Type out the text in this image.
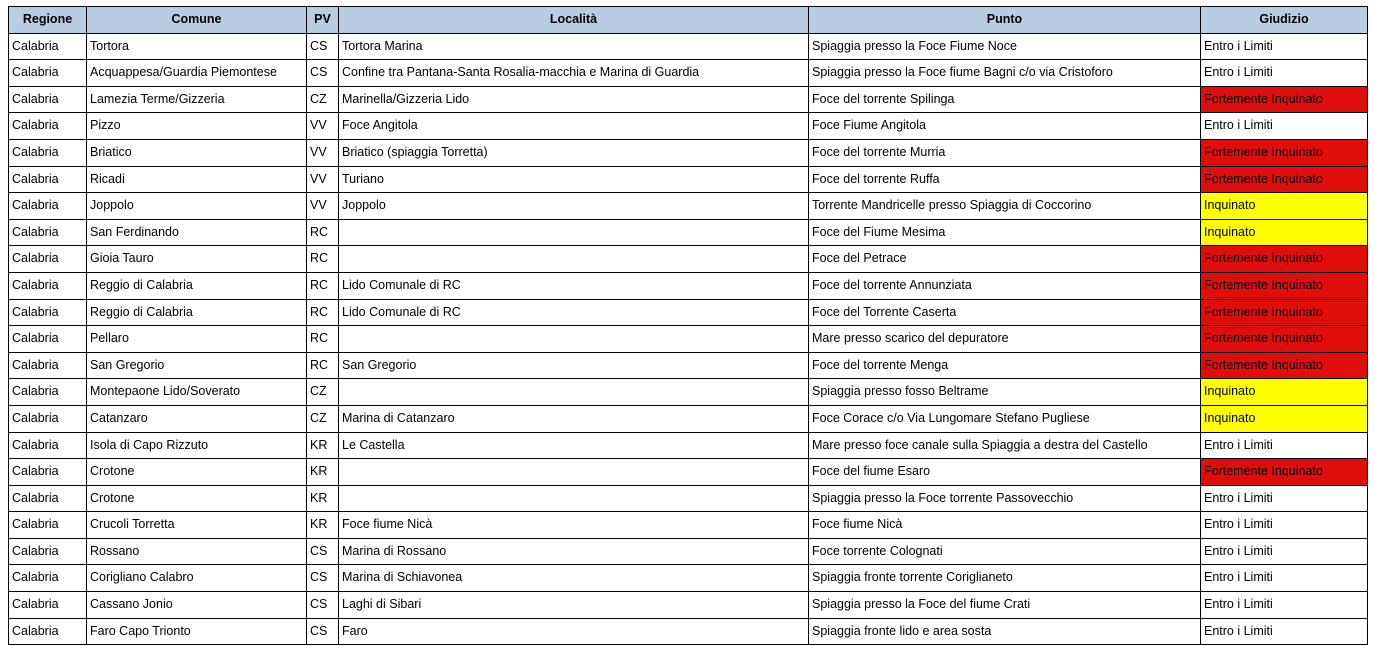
Regione	Comune	PV	Località	Punto	Giudizio
Calabria	Tortora	CS	Tortora Marina	Spiaggia presso la Foce Fiume Noce	Entro i Limiti
Calabria	Acquappesa/Guardia Piemontese	CS	Confine tra Pantana-Santa Rosalia-macchia e Marina di Guardia	Spiaggia presso la Foce fiume Bagni c/o via Cristoforo	Entro i Limiti
Calabria	Lamezia Terme/Gizzeria	CZ	Marinella/Gizzeria Lido	Foce del torrente Spilinga	Fortemente Inquinato
Calabria	Pizzo	VV	Foce Angitola	Foce Fiume Angitola	Entro i Limiti
Calabria	Briatico	VV	Briatico (spiaggia Torretta)	Foce del torrente Murria	Fortemente Inquinato
Calabria	Ricadi	VV	Turiano	Foce del torrente Ruffa	Fortemente Inquinato
Calabria	Joppolo	VV	Joppolo	Torrente Mandricelle presso Spiaggia di Coccorino	Inquinato
Calabria	San Ferdinando	RC		Foce del Fiume Mesima	Inquinato
Calabria	Gioia Tauro	RC		Foce del Petrace	Fortemente Inquinato
Calabria	Reggio di Calabria	RC	Lido Comunale di RC	Foce del torrente Annunziata	Fortemente Inquinato
Calabria	Reggio di Calabria	RC	Lido Comunale di RC	Foce del Torrente Caserta	Fortemente Inquinato
Calabria	Pellaro	RC		Mare presso scarico del depuratore	Fortemente Inquinato
Calabria	San Gregorio	RC	San Gregorio	Foce del torrente Menga	Fortemente Inquinato
Calabria	Montepaone Lido/Soverato	CZ		Spiaggia presso fosso Beltrame	Inquinato
Calabria	Catanzaro	CZ	Marina di Catanzaro	Foce Corace c/o Via Lungomare Stefano Pugliese	Inquinato
Calabria	Isola di Capo Rizzuto	KR	Le Castella	Mare presso foce canale sulla Spiaggia a destra del Castello	Entro i Limiti
Calabria	Crotone	KR		Foce del fiume Esaro	Fortemente Inquinato
Calabria	Crotone	KR		Spiaggia presso la Foce torrente Passovecchio	Entro i Limiti
Calabria	Crucoli Torretta	KR	Foce fiume Nicà	Foce fiume Nicà	Entro i Limiti
Calabria	Rossano	CS	Marina di Rossano	Foce torrente Colognati	Entro i Limiti
Calabria	Corigliano Calabro	CS	Marina di Schiavonea	Spiaggia fronte torrente Coriglianeto	Entro i Limiti
Calabria	Cassano Jonio	CS	Laghi di Sibari	Spiaggia presso la Foce del fiume Crati	Entro i Limiti
Calabria	Faro Capo Trionto	CS	Faro	Spiaggia fronte lido e area sosta	Entro i Limiti
